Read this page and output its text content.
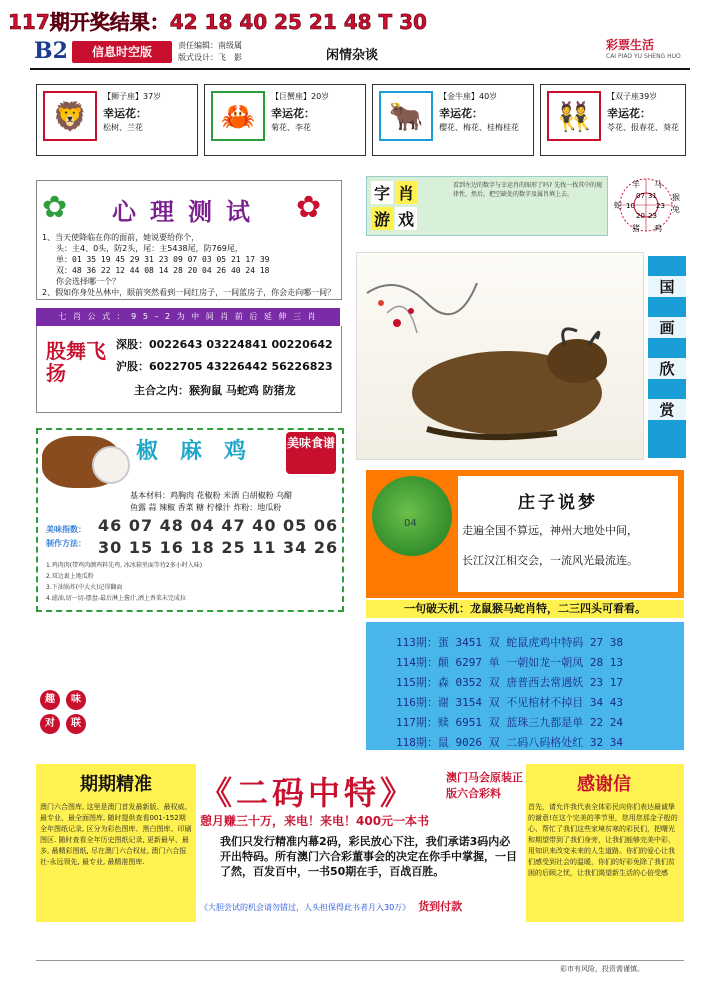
117期开奖结果：42 18 40 25 21 48 T 30
B2	信息时空版	责任编辑：南级属
版式设计：飞　影	闲情杂谈
彩票生活
CAI PIAO YU SHENG HUO
🦁
【狮子座】37岁
幸运花：
松树、兰花	🦀
【巨蟹座】20岁
幸运花：
菊花、李花	🐂
【金牛座】40岁
幸运花：
樱花、梅花、桂梅桂花	👯
【双子座39岁
幸运花：
苓花、报春花、葵花
✿	✿
心理测试
1、当天使降临在你的面前，她说要给你个，
头：主4、0头，防2头，尾：主5438尾，防769尾，
单：01 35 19 45 29 31 23 09 07 03 05 21 17 39
双：48 36 22 12 44 08 14 28 20 04 26 40 24 18
你会选择哪一个？
2、假如你身处丛林中，眼前突然看到一间红房子，一间蓝房子，你会走向哪一间？
七 肖 公 式 ： 9 5 – 2 为 中 间 肖 前 后 延 伸 三 肖
股舞飞扬
深股：0022643 03224841 00220642
沪股：6022705 43226442 56226823
主合之内：猴狗鼠 马蛇鸡 防猪龙
椒麻鸡 美味食谱
基本材料：鸡胸肉 花椒粉 米酒 白胡椒粉 乌醋
鱼露 蒜 辣椒 香菜 糖 柠檬汁 炸粉：地瓜粉
美味指数：
制作方法：
46 07 48 04 47 40 05 06
30 15 16 18 25 11 34 26
1.鸡肉肉(带鸡肉颜鸡料先鸡, 冰冰箱里面等待2多小时入味)
2.双边裹上地瓜粉
3.下油锅炸(中大火)记得翻面
4.滤油,切一切-摆盘-最后淋上酱汁,洒上香菜末完成拉
趣	味
对	联
字 肖
游 戏
看到左边的数字与幸运肖的图形了吗? 先找一找其中的规律性，然后，把空缺处的数字及属肖填上去。
羊 马
蛇
猴
兔
猪 鸡
07 31
10	23
20 23
国
画
欣
赏
04
庄子说梦
走遍全国不算远，神州大地处中间，
长江汉江相交会，一流风光最流连。
一句破天机：龙鼠猴马蛇肖特，二三四头可看看。
113期：蛋 3451 双 蛇鼠虎鸡中特码 27 38
114期：颠 6297 单 一朝如龙一朝凤 28 13
115期：森 0352 双 唐普西去常遇妖 23 17
116期：谢 3154 双 不见棺材不掉目 34 43
117期：赎 6951 双 蓝珠三九都是单 22 24
118期：鼠 9026 双 二码八码格处红 32 34
期期精准

澳门六合图库, 这里是澳门首发最新版、最权威、最专业、最全面图库, 随时提供查看001-152期全年图纸记录, 区分为彩色图库、黑白图库、印刷图区. 随时查看全年历史图纸记录, 更新最早、最多, 最精彩图纸, 尽在澳门六合权址, 澳门六合报社-永远领先, 最专业, 最精准图库.

《二码中特》	澳门马会原装正版六合彩料
憩月赚三十万，来电！来电！400元一本书
我们只发行精准内幕2码，彩民放心下注，我们承诺3码内必开出特码。所有澳门六合彩董事会的决定在你手中掌握，一目了然，百发百中，一书50期在手，百战百胜。
《大胆尝试的机会请勿错过，人头担保得此书者月入30万》 货到付款
感谢信

首先，请允许我代表全体彩民向你们表达最诚挚的谢意!在这个完美的季节里，您用您那金子般的心、帮忙了我们这些家境贫寒的彩民们，把曙光和期望带到了我们身旁，让我们能够完美中彩，用知识来改变未来的人生道路。你们的爱心让我们感受到社会的温暖，你们的好彩免除了我们贫困的后顾之忧，让我们渴望新生活的心倍受感

彩市有风险，投资需谨慎。
